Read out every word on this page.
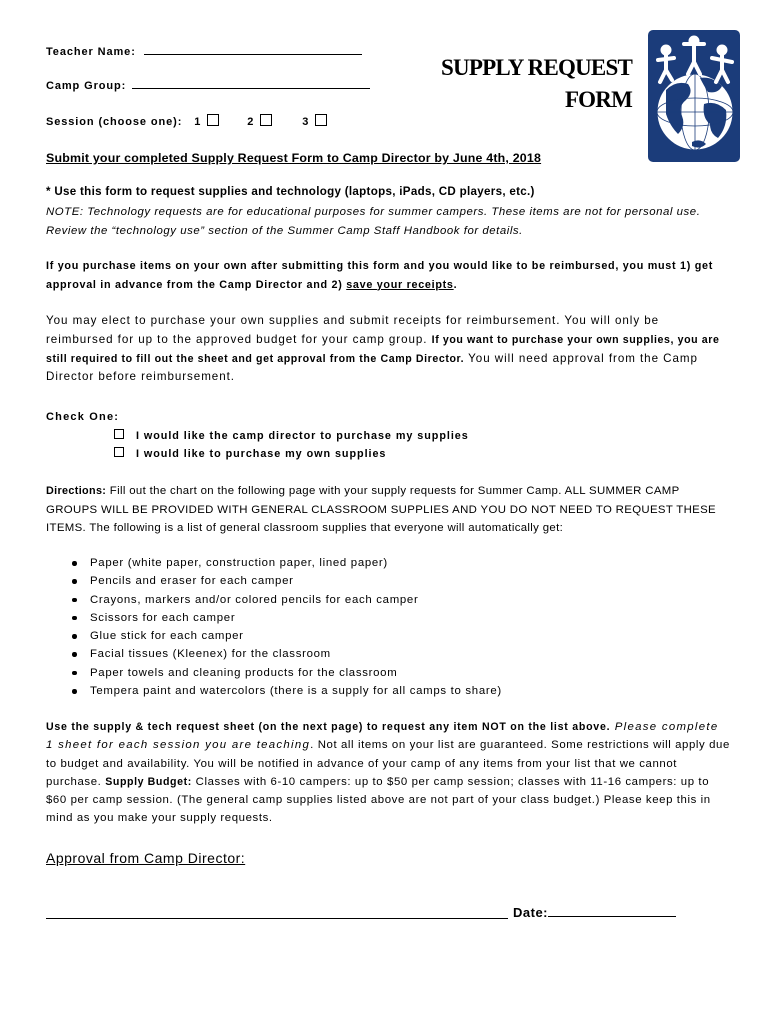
Teacher Name:
Camp Group:
Session (choose one): 1	2	3
SUPPLY REQUEST
FORM
Submit your completed Supply Request Form to Camp Director by June 4th, 2018
* Use this form to request supplies and technology (laptops, iPads, CD players, etc.)
NOTE: Technology requests are for educational purposes for summer campers. These items are not for personal use. Review the “technology use” section of the Summer Camp Staff Handbook for details.
If you purchase items on your own after submitting this form and you would like to be reimbursed, you must 1) get approval in advance from the Camp Director and 2) save your receipts.
You may elect to purchase your own supplies and submit receipts for reimbursement. You will only be reimbursed for up to the approved budget for your camp group. If you want to purchase your own supplies, you are still required to fill out the sheet and get approval from the Camp Director. You will need approval from the Camp Director before reimbursement.
Check One:
I would like the camp director to purchase my supplies
I would like to purchase my own supplies
Directions: Fill out the chart on the following page with your supply requests for Summer Camp. ALL SUMMER CAMP GROUPS WILL BE PROVIDED WITH GENERAL CLASSROOM SUPPLIES AND YOU DO NOT NEED TO REQUEST THESE ITEMS. The following is a list of general classroom supplies that everyone will automatically get:
Paper (white paper, construction paper, lined paper)
Pencils and eraser for each camper
Crayons, markers and/or colored pencils for each camper
Scissors for each camper
Glue stick for each camper
Facial tissues (Kleenex) for the classroom
Paper towels and cleaning products for the classroom
Tempera paint and watercolors (there is a supply for all camps to share)
Use the supply & tech request sheet (on the next page) to request any item NOT on the list above. Please complete 1 sheet for each session you are teaching. Not all items on your list are guaranteed. Some restrictions will apply due to budget and availability. You will be notified in advance of your camp of any items from your list that we cannot purchase. Supply Budget: Classes with 6-10 campers: up to $50 per camp session; classes with 11-16 campers: up to $60 per camp session. (The general camp supplies listed above are not part of your class budget.) Please keep this in mind as you make your supply requests.
Approval from Camp Director:
Date:
